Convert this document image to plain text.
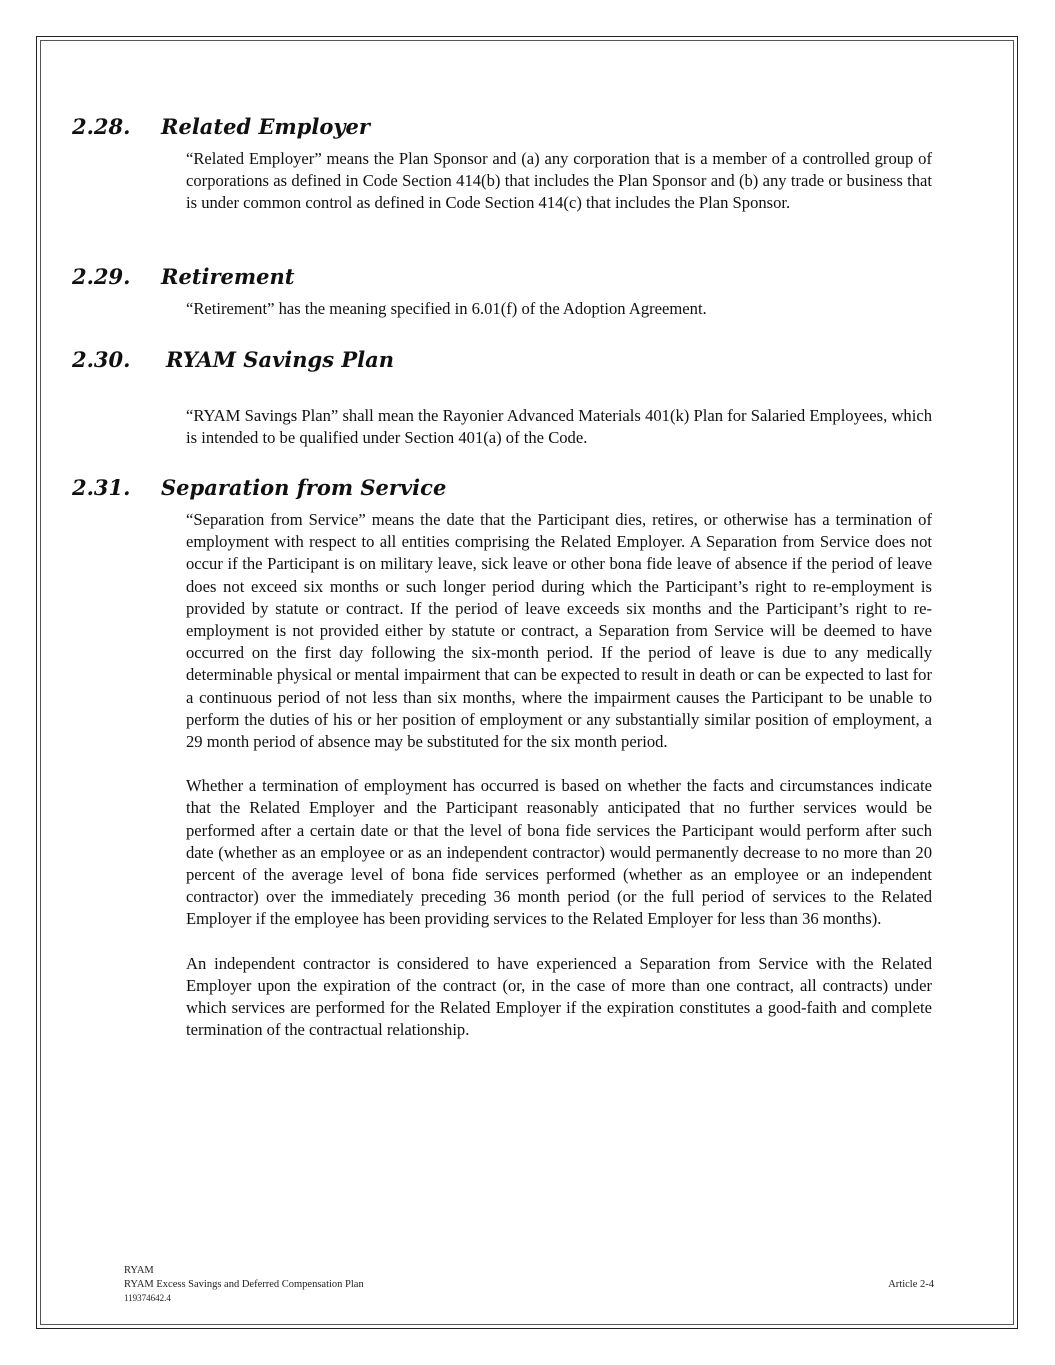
2.28. Related Employer

“Related Employer” means the Plan Sponsor and (a) any corporation that is a member of a controlled group of corporations as defined in Code Section 414(b) that includes the Plan Sponsor and (b) any trade or business that is under common control as defined in Code Section 414(c) that includes the Plan Sponsor.

2.29. Retirement

“Retirement” has the meaning specified in 6.01(f) of the Adoption Agreement.

2.30. RYAM Savings Plan

“RYAM Savings Plan” shall mean the Rayonier Advanced Materials 401(k) Plan for Salaried Employees, which is intended to be qualified under Section 401(a) of the Code.

2.31. Separation from Service

“Separation from Service” means the date that the Participant dies, retires, or otherwise has a termination of employment with respect to all entities comprising the Related Employer. A Separation from Service does not occur if the Participant is on military leave, sick leave or other bona fide leave of absence if the period of leave does not exceed six months or such longer period during which the Participant’s right to re-employment is provided by statute or contract. If the period of leave exceeds six months and the Participant’s right to re-employment is not provided either by statute or contract, a Separation from Service will be deemed to have occurred on the first day following the six-month period. If the period of leave is due to any medically determinable physical or mental impairment that can be expected to result in death or can be expected to last for a continuous period of not less than six months, where the impairment causes the Participant to be unable to perform the duties of his or her position of employment or any substantially similar position of employment, a 29 month period of absence may be substituted for the six month period.

Whether a termination of employment has occurred is based on whether the facts and circumstances indicate that the Related Employer and the Participant reasonably anticipated that no further services would be performed after a certain date or that the level of bona fide services the Participant would perform after such date (whether as an employee or as an independent contractor) would permanently decrease to no more than 20 percent of the average level of bona fide services performed (whether as an employee or an independent contractor) over the immediately preceding 36 month period (or the full period of services to the Related Employer if the employee has been providing services to the Related Employer for less than 36 months).

An independent contractor is considered to have experienced a Separation from Service with the Related Employer upon the expiration of the contract (or, in the case of more than one contract, all contracts) under which services are performed for the Related Employer if the expiration constitutes a good-faith and complete termination of the contractual relationship.

RYAM
RYAM Excess Savings and Deferred Compensation Plan
119374642.4
Article 2-4
